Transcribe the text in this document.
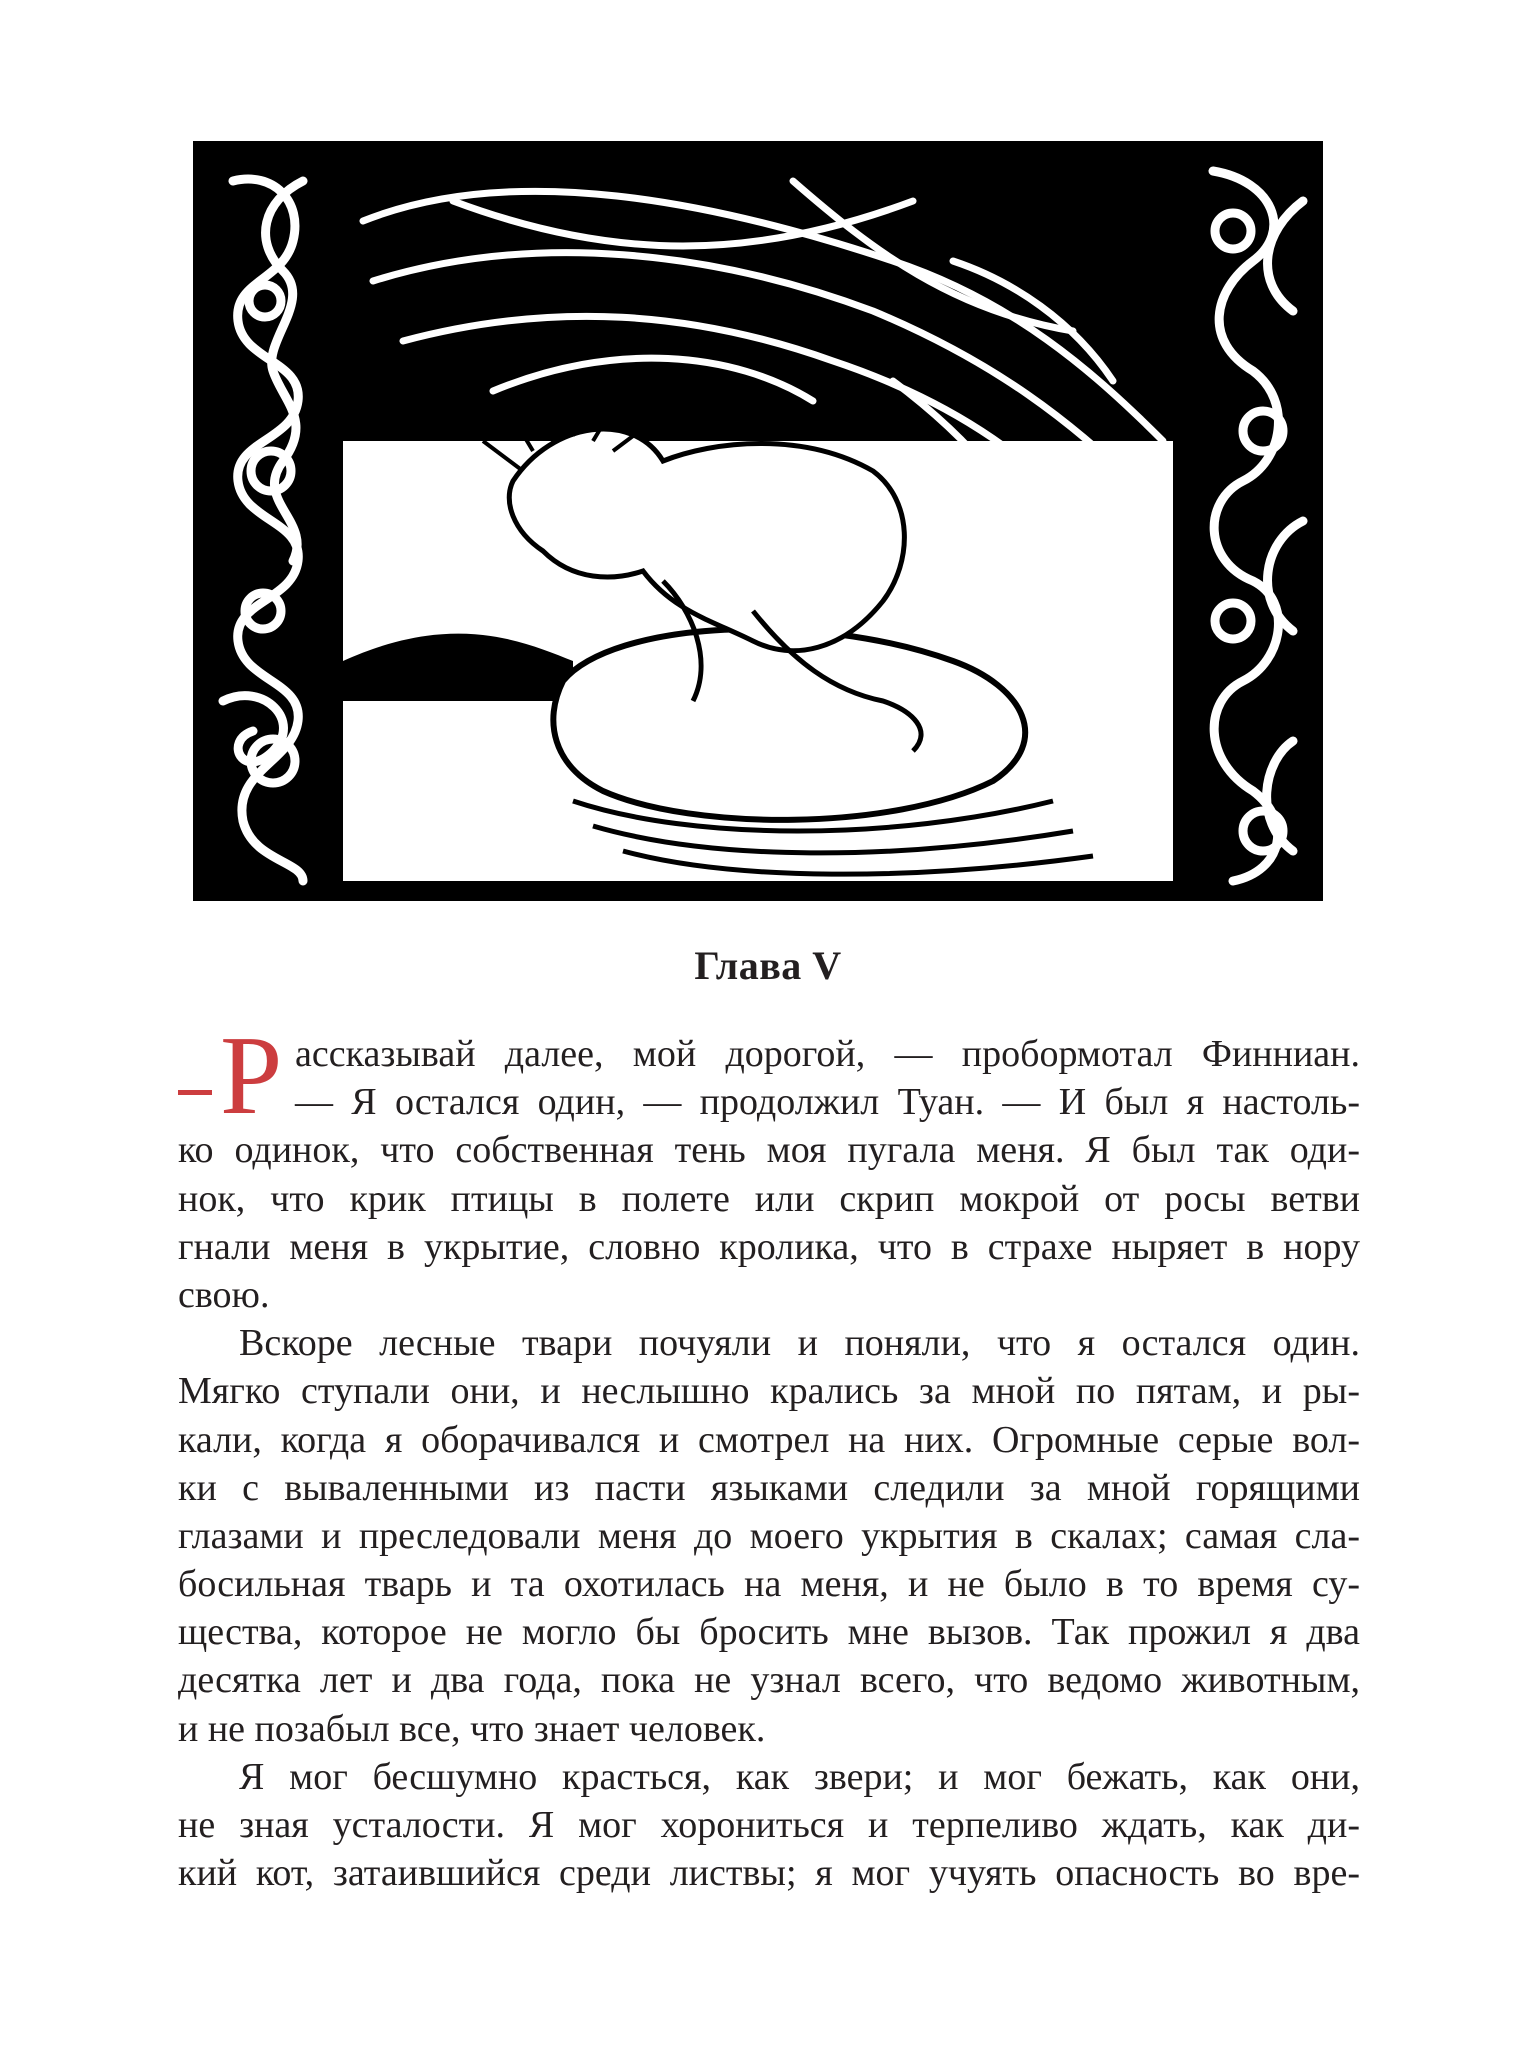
Глава V
Р ассказывай далее, мой дорогой, — пробормотал Финниан.
— Я остался один, — продолжил Туан. — И был я настоль-
ко одинок, что собственная тень моя пугала меня. Я был так оди-
нок, что крик птицы в полете или скрип мокрой от росы ветви
гнали меня в укрытие, словно кролика, что в страхе ныряет в нору
свою.
Вскоре лесные твари почуяли и поняли, что я остался один.
Мягко ступали они, и неслышно крались за мной по пятам, и ры-
кали, когда я оборачивался и смотрел на них. Огромные серые вол-
ки с вываленными из пасти языками следили за мной горящими
глазами и преследовали меня до моего укрытия в скалах; самая сла-
босильная тварь и та охотилась на меня, и не было в то время су-
щества, которое не могло бы бросить мне вызов. Так прожил я два
десятка лет и два года, пока не узнал всего, что ведомо животным,
и не позабыл все, что знает человек.
Я мог бесшумно красться, как звери; и мог бежать, как они,
не зная усталости. Я мог хорониться и терпеливо ждать, как ди-
кий кот, затаившийся среди листвы; я мог учуять опасность во вре-
